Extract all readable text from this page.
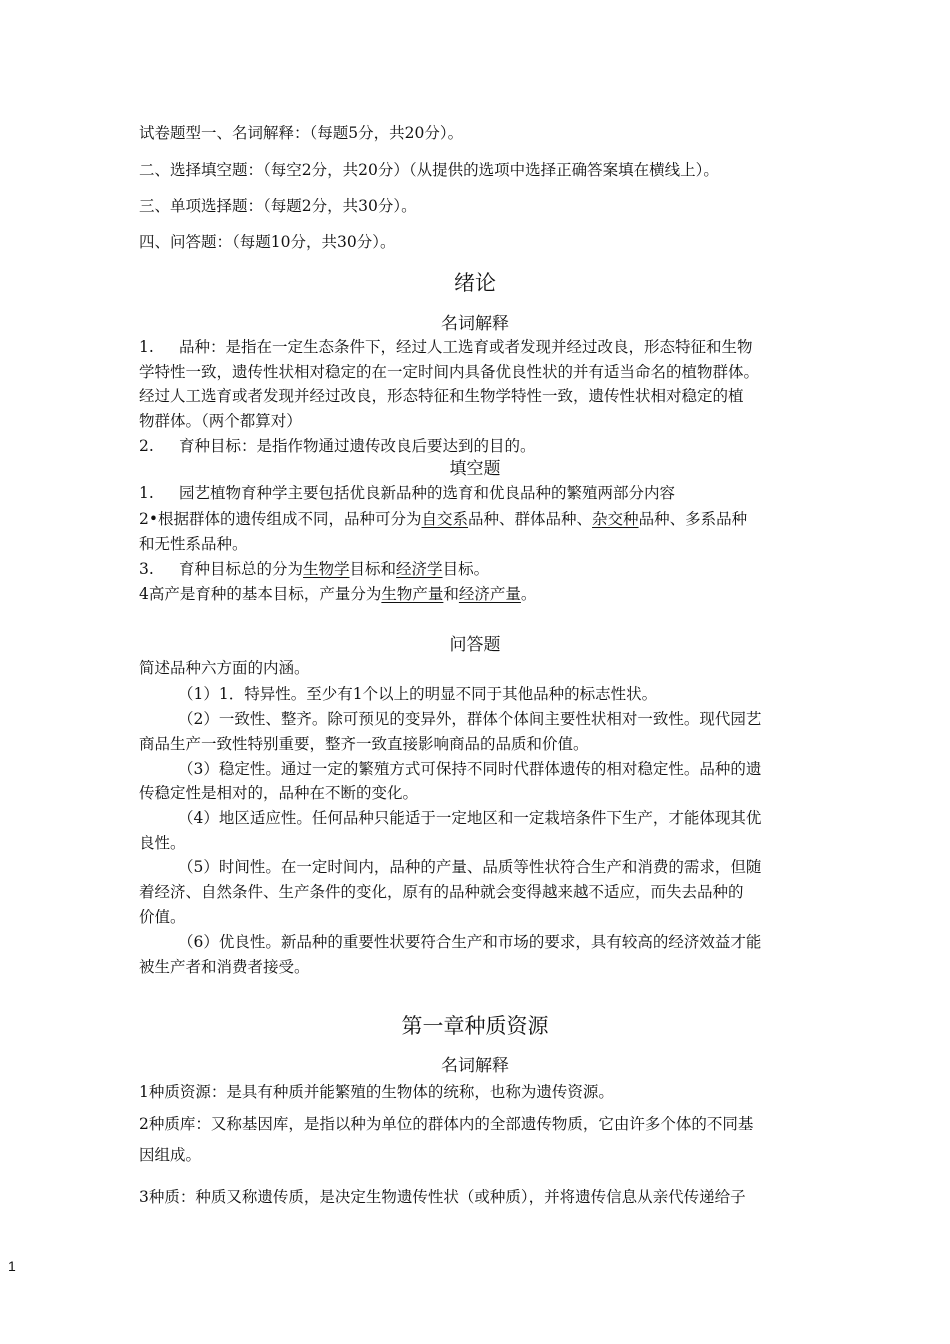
试卷题型一、名词解释：（每题5分，共20分）。
二、选择填空题：（每空2分，共20分）（从提供的选项中选择正确答案填在横线上）。
三、单项选择题：（每题2分，共30分）。
四、问答题：（每题10分，共30分）。
绪论
名词解释
1. 品种：是指在一定生态条件下，经过人工选育或者发现并经过改良，形态特征和生物
学特性一致，遗传性状相对稳定的在一定时间内具备优良性状的并有适当命名的植物群体。
经过人工选育或者发现并经过改良，形态特征和生物学特性一致，遗传性状相对稳定的植
物群体。（两个都算对）
2. 育种目标：是指作物通过遗传改良后要达到的目的。
填空题
1. 园艺植物育种学主要包括优良新品种的选育和优良品种的繁殖两部分内容
2•根据群体的遗传组成不同，品种可分为自交系品种、群体品种、杂交种品种、多系品种
和无性系品种。
3. 育种目标总的分为生物学目标和经济学目标。
4高产是育种的基本目标，产量分为生物产量和经济产量。
问答题
简述品种六方面的内涵。
（1）1．特异性。至少有1个以上的明显不同于其他品种的标志性状。
（2）一致性、整齐。除可预见的变异外，群体个体间主要性状相对一致性。现代园艺
商品生产一致性特别重要，整齐一致直接影响商品的品质和价值。
（3）稳定性。通过一定的繁殖方式可保持不同时代群体遗传的相对稳定性。品种的遗
传稳定性是相对的，品种在不断的变化。
（4）地区适应性。任何品种只能适于一定地区和一定栽培条件下生产，才能体现其优
良性。
（5）时间性。在一定时间内，品种的产量、品质等性状符合生产和消费的需求，但随
着经济、自然条件、生产条件的变化，原有的品种就会变得越来越不适应，而失去品种的
价值。
（6）优良性。新品种的重要性状要符合生产和市场的要求，具有较高的经济效益才能
被生产者和消费者接受。
第一章种质资源
名词解释
1种质资源：是具有种质并能繁殖的生物体的统称，也称为遗传资源。
2种质库：又称基因库，是指以种为单位的群体内的全部遗传物质，它由许多个体的不同基
因组成。
3种质：种质又称遗传质，是决定生物遗传性状（或种质），并将遗传信息从亲代传递给子
1
